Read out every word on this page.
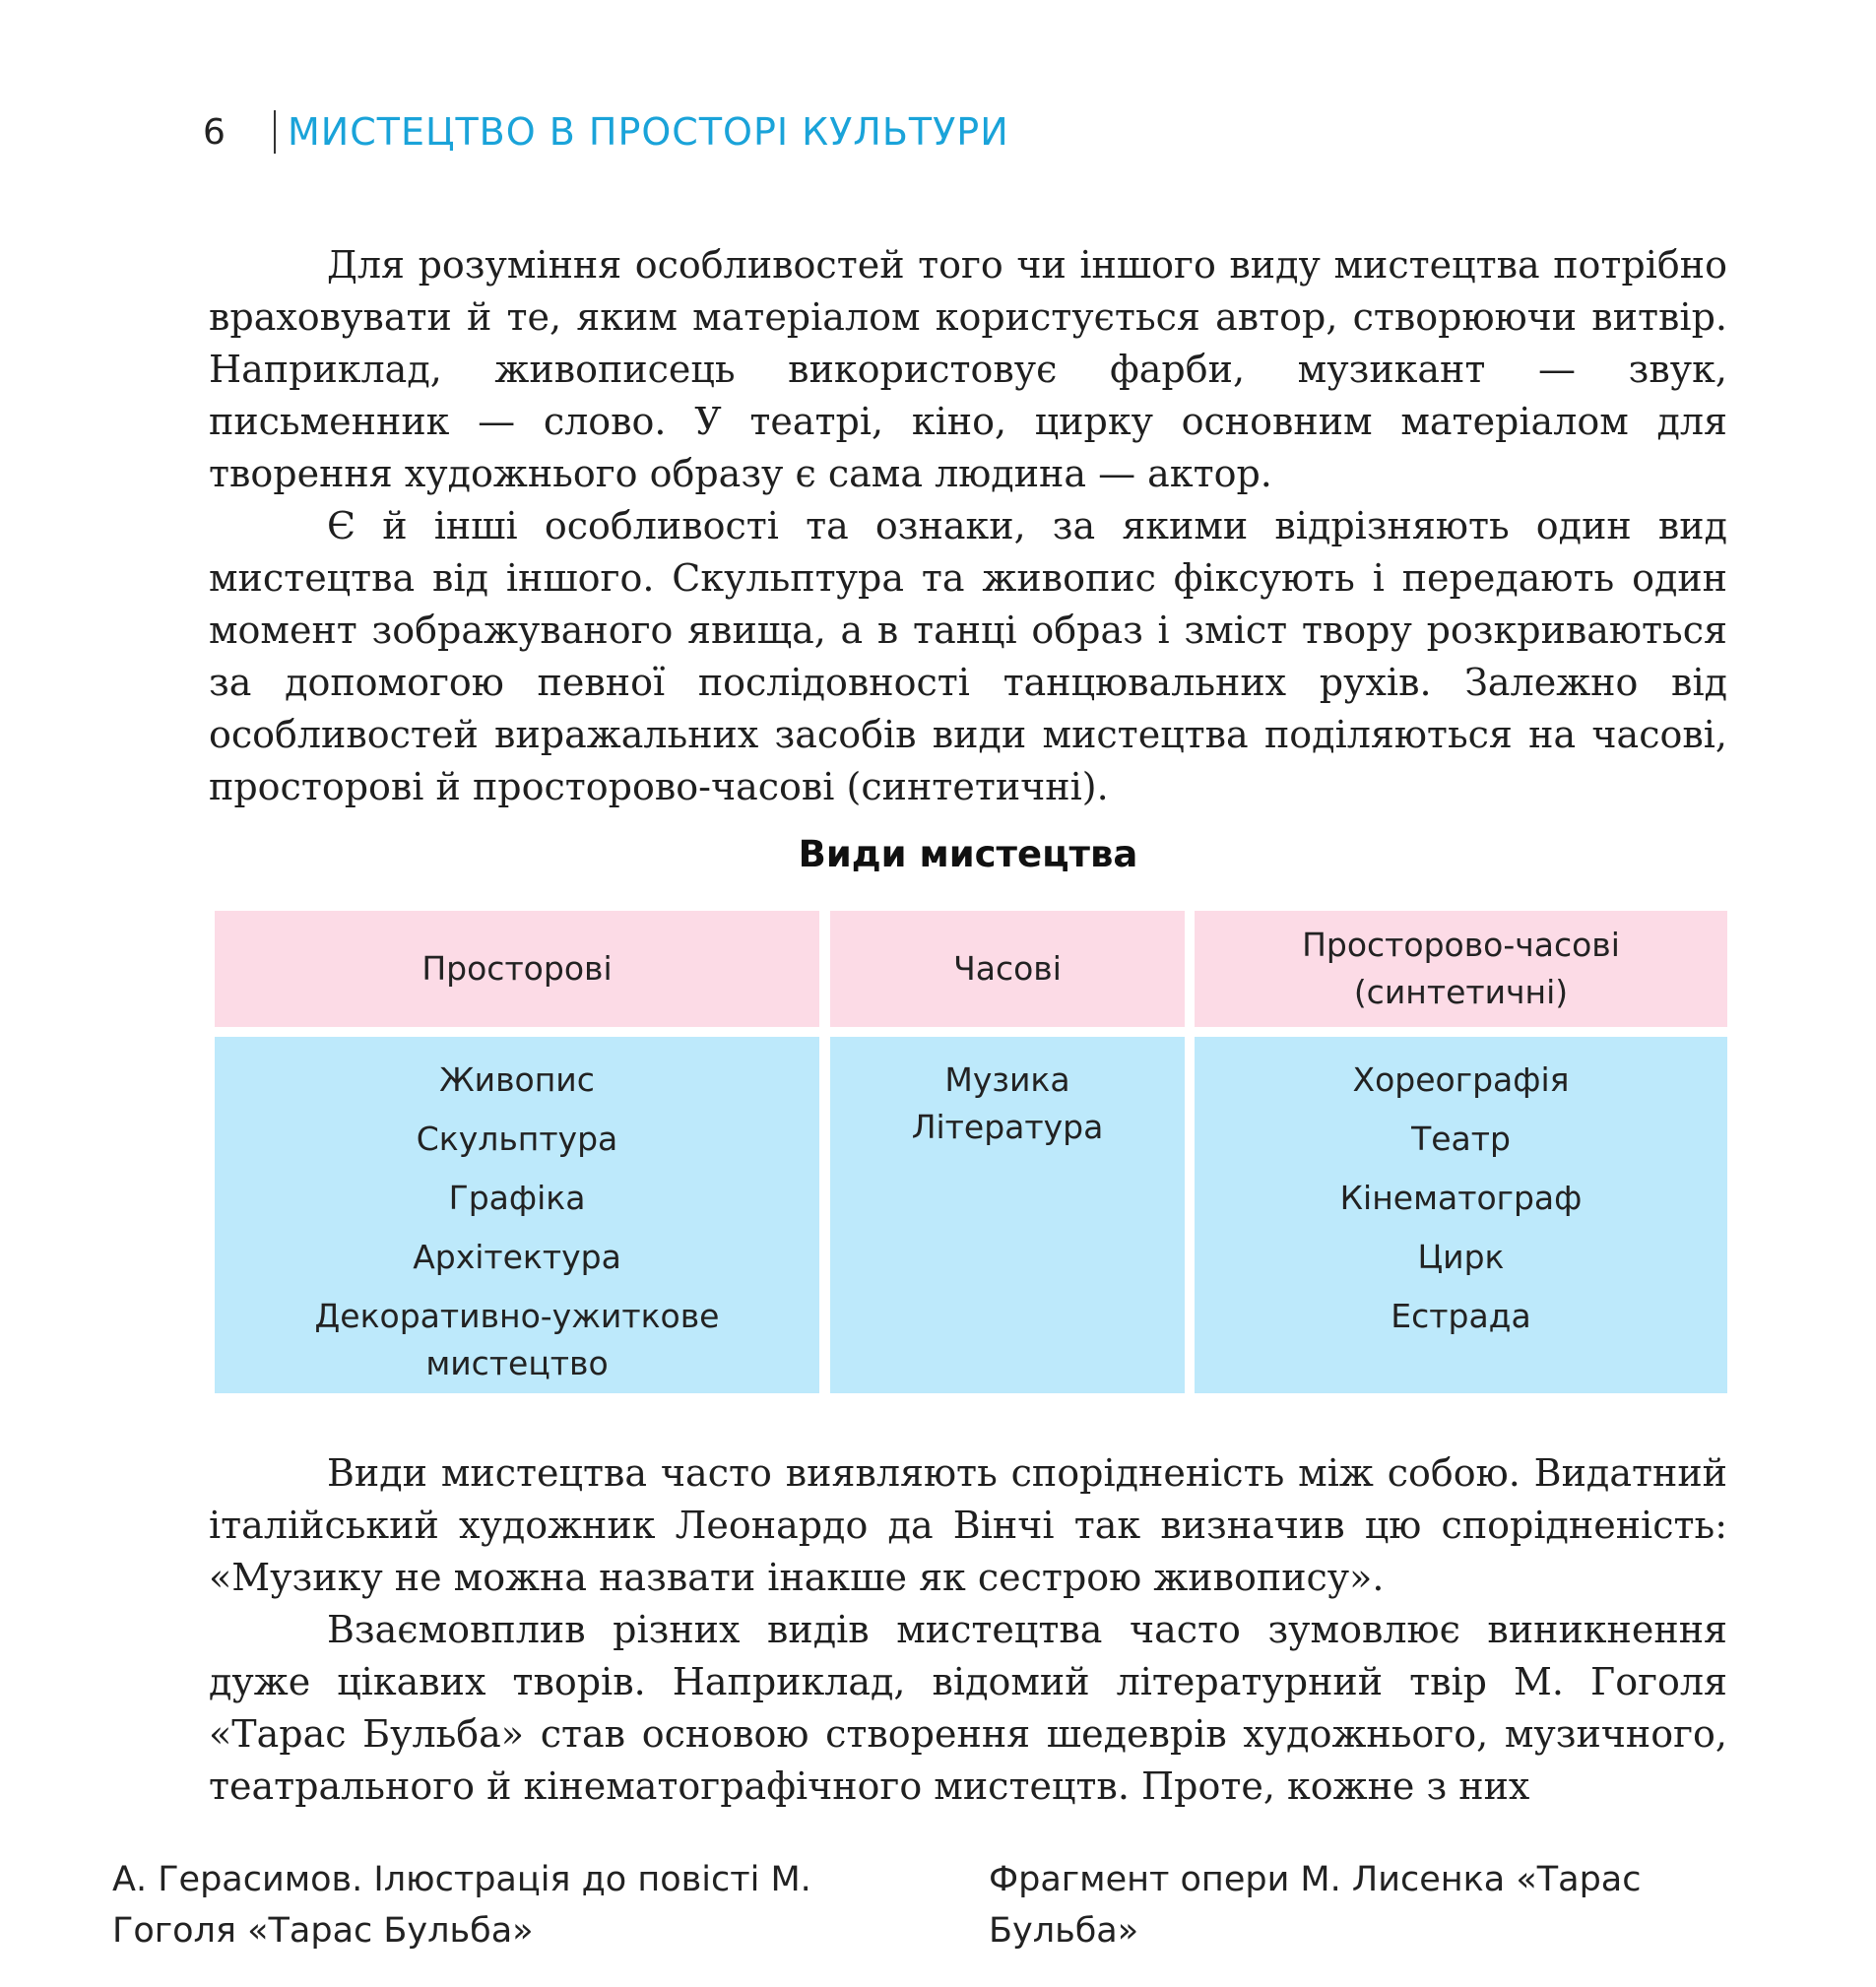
6	МИСТЕЦТВО В ПРОСТОРІ КУЛЬТУРИ

Для розуміння особливостей того чи іншого виду мистецтва потрібно враховувати й те, яким матеріалом користується автор, створюючи витвір. Наприклад, живописець використовує фарби, музикант — звук, письменник — слово. У театрі, кіно, цирку основним матеріалом для творення художнього образу є сама людина — актор.

Є й інші особливості та ознаки, за якими відрізняють один вид мистецтва від іншого. Скульптура та живопис фіксують і передають один момент зображуваного явища, а в танці образ і зміст твору розкриваються за допомогою певної послідовності танцювальних рухів. Залежно від особливостей виражальних засобів види мистецтва поділяються на часові, просторові й просторово-часові (синтетичні).

Види мистецтва
Просторові
Живопис
Скульптура
Графіка
Архітектура
Декоративно-ужиткове мистецтво
Часові
Музика
Література
Просторово-часові (синтетичні)
Хореографія
Театр
Кінематограф
Цирк
Естрада

Види мистецтва часто виявляють спорідненість між собою. Видатний італійський художник Леонардо да Вінчі так визначив цю спорідненість: «Музику не можна назвати інакше як сестрою живопису».

Взаємовплив різних видів мистецтва часто зумовлює виникнення дуже цікавих творів. Наприклад, відомий літературний твір М. Гоголя «Тарас Бульба» став основою створення шедеврів художнього, музичного, театрального й кінематографічного мистецтв. Проте, кожне з них

А. Герасимов. Ілюстрація до повісті М. Гоголя «Тарас Бульба»
Фрагмент опери М. Лисенка «Тарас Бульба»
